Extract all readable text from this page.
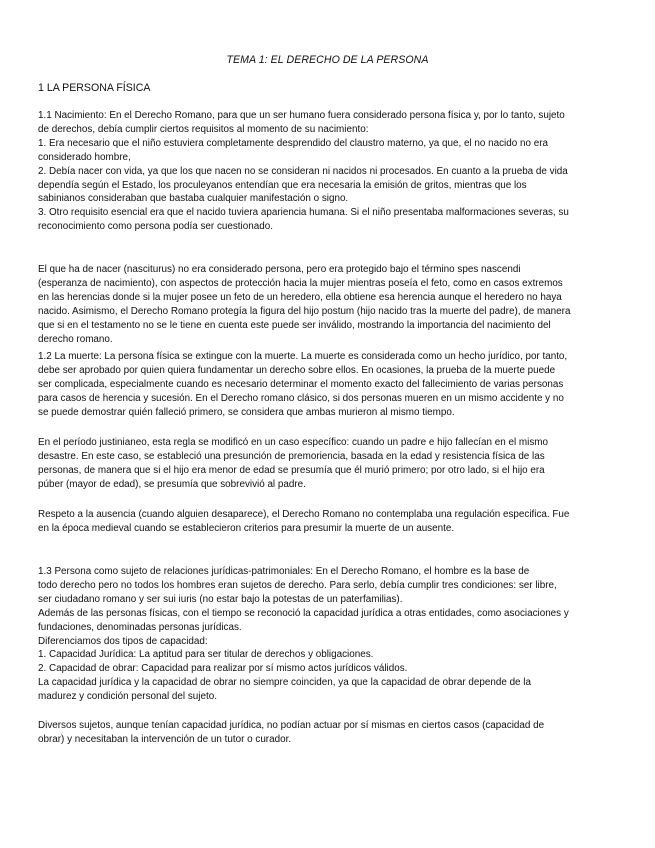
TEMA 1: EL DERECHO DE LA PERSONA
1 LA PERSONA FÍSICA
1.1 Nacimiento: En el Derecho Romano, para que un ser humano fuera considerado persona física y, por lo tanto, sujeto
de derechos, debía cumplir ciertos requisitos al momento de su nacimiento:
1. Era necesario que el niño estuviera completamente desprendido del claustro materno, ya que, el no nacido no era
considerado hombre,
2. Debía nacer con vida, ya que los que nacen no se consideran ni nacidos ni procesados. En cuanto a la prueba de vida
dependía según el Estado, los proculeyanos entendían que era necesaria la emisión de gritos, mientras que los
sabinianos consideraban que bastaba cualquier manifestación o signo.
3. Otro requisito esencial era que el nacido tuviera apariencia humana. Si el niño presentaba malformaciones severas, su
reconocimiento como persona podía ser cuestionado.
El que ha de nacer (nasciturus) no era considerado persona, pero era protegido bajo el término spes nascendi
(esperanza de nacimiento), con aspectos de protección hacia la mujer mientras poseía el feto, como en casos extremos
en las herencias donde si la mujer posee un feto de un heredero, ella obtiene esa herencia aunque el heredero no haya
nacido. Asimismo, el Derecho Romano protegía la figura del hijo postum (hijo nacido tras la muerte del padre), de manera
que si en el testamento no se le tiene en cuenta este puede ser inválido, mostrando la importancia del nacimiento del
derecho romano.
1.2 La muerte: La persona física se extingue con la muerte. La muerte es considerada como un hecho jurídico, por tanto,
debe ser aprobado por quien quiera fundamentar un derecho sobre ellos. En ocasiones, la prueba de la muerte puede
ser complicada, especialmente cuando es necesario determinar el momento exacto del fallecimiento de varias personas
para casos de herencia y sucesión. En el Derecho romano clásico, si dos personas mueren en un mismo accidente y no
se puede demostrar quién falleció primero, se considera que ambas murieron al mismo tiempo.
En el período justinianeo, esta regla se modificó en un caso específico: cuando un padre e hijo fallecían en el mismo
desastre. En este caso, se estableció una presunción de premoriencia, basada en la edad y resistencia física de las
personas, de manera que si el hijo era menor de edad se presumía que él murió primero; por otro lado, si el hijo era
púber (mayor de edad), se presumía que sobrevivió al padre.
Respeto a la ausencia (cuando alguien desaparece), el Derecho Romano no contemplaba una regulación especifica. Fue
en la época medieval cuando se establecieron criterios para presumir la muerte de un ausente.
1.3 Persona como sujeto de relaciones jurídicas-patrimoniales: En el Derecho Romano, el hombre es la base de
todo derecho pero no todos los hombres eran sujetos de derecho. Para serlo, debía cumplir tres condiciones: ser libre,
ser ciudadano romano y ser sui iuris (no estar bajo la potestas de un paterfamilias).
Además de las personas físicas, con el tiempo se reconoció la capacidad jurídica a otras entidades, como asociaciones y
fundaciones, denominadas personas jurídicas.
Diferenciamos dos tipos de capacidad:
1. Capacidad Jurídica: La aptitud para ser titular de derechos y obligaciones.
2. Capacidad de obrar: Capacidad para realizar por sí mismo actos jurídicos válidos.
La capacidad jurídica y la capacidad de obrar no siempre coinciden, ya que la capacidad de obrar depende de la
madurez y condición personal del sujeto.
Diversos sujetos, aunque tenían capacidad jurídica, no podían actuar por sí mismas en ciertos casos (capacidad de
obrar) y necesitaban la intervención de un tutor o curador.
